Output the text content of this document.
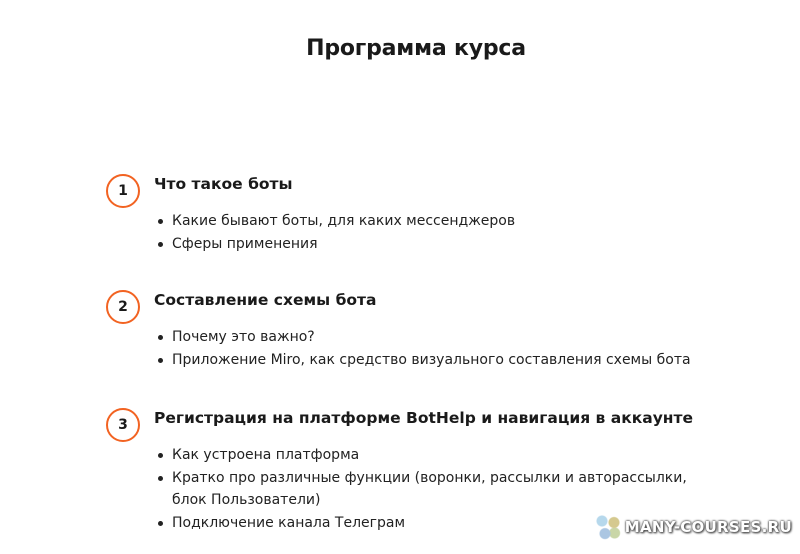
Программа курса
1	Что такое боты
Какие бывают боты, для каких мессенджеров
Сферы применения
2	Составление схемы бота
Почему это важно?
Приложение Miro, как средство визуального составления схемы бота
3	Регистрация на платформе BotHelp и навигация в аккаунте
Как устроена платформа
Кратко про различные функции (воронки, рассылки и авторассылки, блок Пользователи)
Подключение канала Телеграм	MANY-COURSES.RU
